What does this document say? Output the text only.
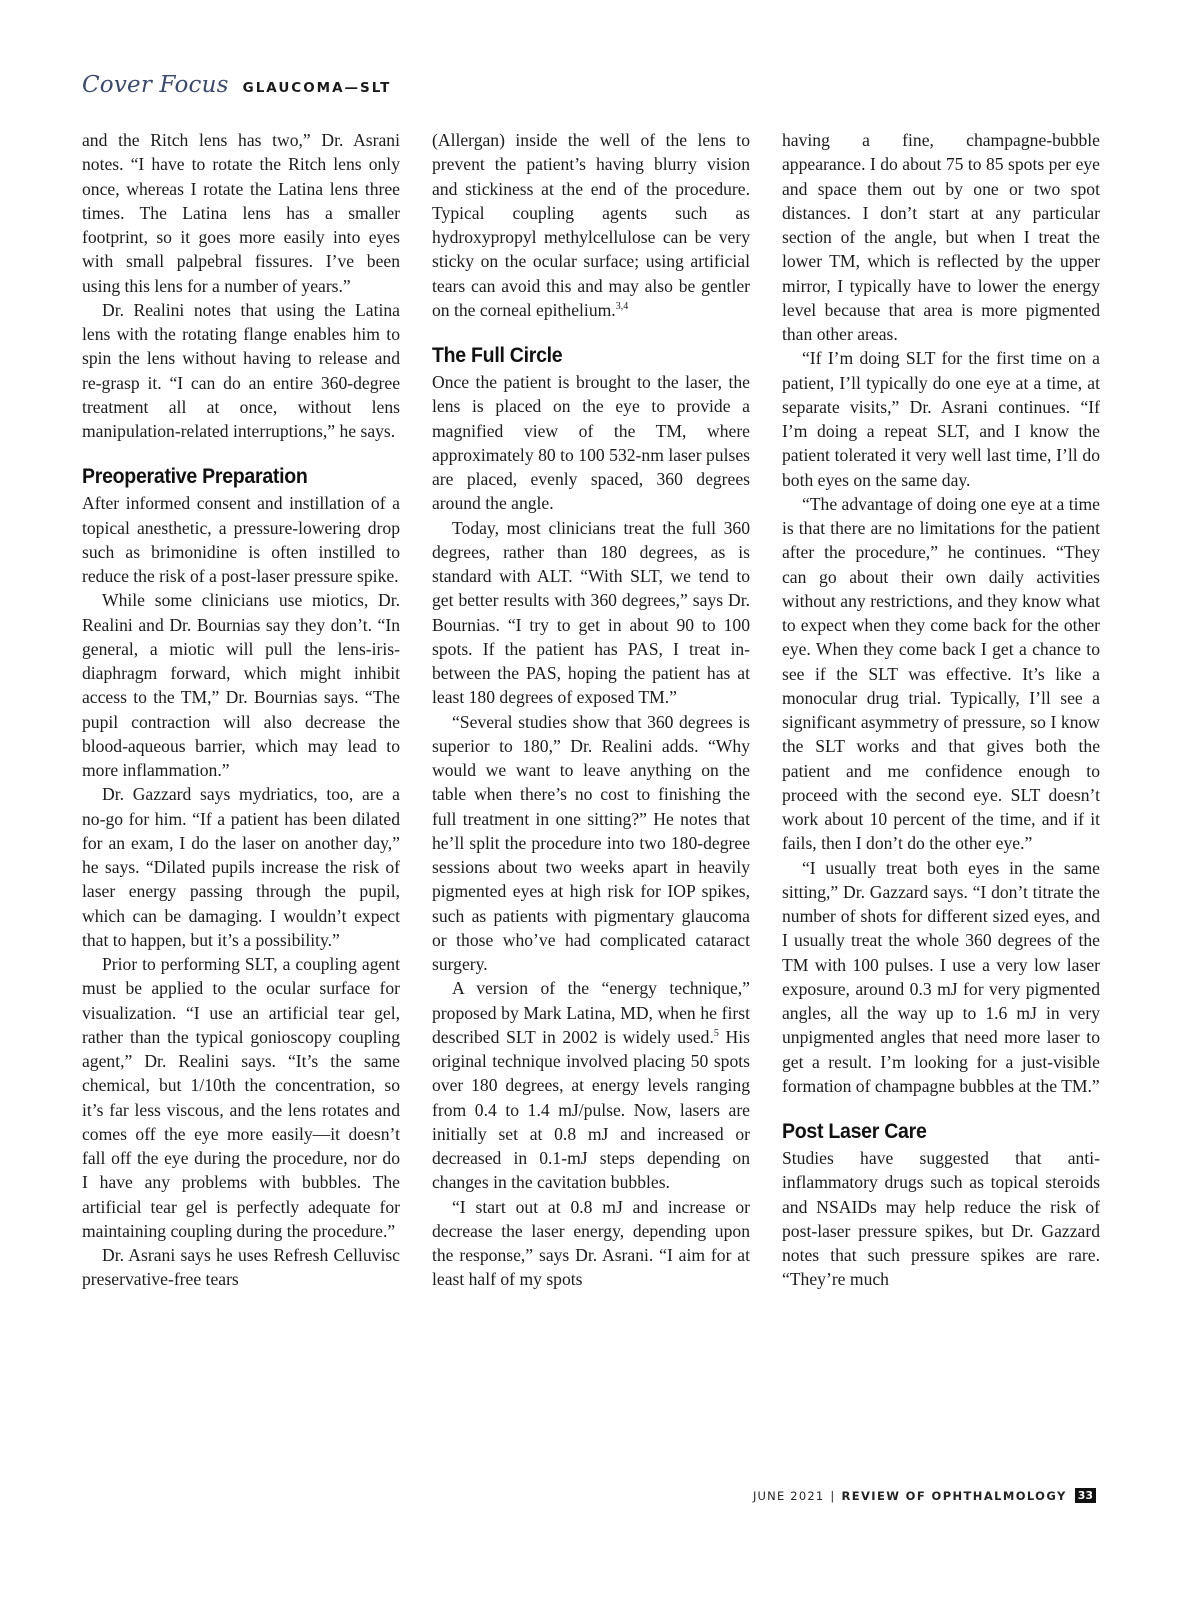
Cover Focus GLAUCOMA—SLT

and the Ritch lens has two,” Dr. Asrani notes. “I have to rotate the Ritch lens only once, whereas I rotate the Latina lens three times. The Latina lens has a smaller footprint, so it goes more easily into eyes with small palpebral fissures. I’ve been using this lens for a number of years.”

Dr. Realini notes that using the Latina lens with the rotating flange enables him to spin the lens without having to release and re-grasp it. “I can do an entire 360-degree treatment all at once, without lens manipulation-related interruptions,” he says.

Preoperative Preparation

After informed consent and instillation of a topical anesthetic, a pressure-lowering drop such as brimonidine is often instilled to reduce the risk of a post-laser pressure spike.

While some clinicians use miotics, Dr. Realini and Dr. Bournias say they don’t. “In general, a miotic will pull the lens-iris-diaphragm forward, which might inhibit access to the TM,” Dr. Bournias says. “The pupil contraction will also decrease the blood-aqueous barrier, which may lead to more inflammation.”

Dr. Gazzard says mydriatics, too, are a no-go for him. “If a patient has been dilated for an exam, I do the laser on another day,” he says. “Dilated pupils increase the risk of laser energy passing through the pupil, which can be damaging. I wouldn’t expect that to happen, but it’s a possibility.”

Prior to performing SLT, a coupling agent must be applied to the ocular surface for visualization. “I use an artificial tear gel, rather than the typical gonioscopy coupling agent,” Dr. Realini says. “It’s the same chemical, but 1/10th the concentration, so it’s far less viscous, and the lens rotates and comes off the eye more easily—it doesn’t fall off the eye during the procedure, nor do I have any problems with bubbles. The artificial tear gel is perfectly adequate for maintaining coupling during the procedure.”

Dr. Asrani says he uses Refresh Celluvisc preservative-free tears

(Allergan) inside the well of the lens to prevent the patient’s having blurry vision and stickiness at the end of the procedure. Typical coupling agents such as hydroxypropyl methylcellulose can be very sticky on the ocular surface; using artificial tears can avoid this and may also be gentler on the corneal epithelium.$^{3,4}$

The Full Circle

Once the patient is brought to the laser, the lens is placed on the eye to provide a magnified view of the TM, where approximately 80 to 100 532-nm laser pulses are placed, evenly spaced, 360 degrees around the angle.

Today, most clinicians treat the full 360 degrees, rather than 180 degrees, as is standard with ALT. “With SLT, we tend to get better results with 360 degrees,” says Dr. Bournias. “I try to get in about 90 to 100 spots. If the patient has PAS, I treat in-between the PAS, hoping the patient has at least 180 degrees of exposed TM.”

“Several studies show that 360 degrees is superior to 180,” Dr. Realini adds. “Why would we want to leave anything on the table when there’s no cost to finishing the full treatment in one sitting?” He notes that he’ll split the procedure into two 180-degree sessions about two weeks apart in heavily pigmented eyes at high risk for IOP spikes, such as patients with pigmentary glaucoma or those who’ve had complicated cataract surgery.

A version of the “energy technique,” proposed by Mark Latina, MD, when he first described SLT in 2002 is widely used.$^5$ His original technique involved placing 50 spots over 180 degrees, at energy levels ranging from 0.4 to 1.4 mJ/pulse. Now, lasers are initially set at 0.8 mJ and increased or decreased in 0.1-mJ steps depending on changes in the cavitation bubbles.

“I start out at 0.8 mJ and increase or decrease the laser energy, depending upon the response,” says Dr. Asrani. “I aim for at least half of my spots

having a fine, champagne-bubble appearance. I do about 75 to 85 spots per eye and space them out by one or two spot distances. I don’t start at any particular section of the angle, but when I treat the lower TM, which is reflected by the upper mirror, I typically have to lower the energy level because that area is more pigmented than other areas.

“If I’m doing SLT for the first time on a patient, I’ll typically do one eye at a time, at separate visits,” Dr. Asrani continues. “If I’m doing a repeat SLT, and I know the patient tolerated it very well last time, I’ll do both eyes on the same day.

“The advantage of doing one eye at a time is that there are no limitations for the patient after the procedure,” he continues. “They can go about their own daily activities without any restrictions, and they know what to expect when they come back for the other eye. When they come back I get a chance to see if the SLT was effective. It’s like a monocular drug trial. Typically, I’ll see a significant asymmetry of pressure, so I know the SLT works and that gives both the patient and me confidence enough to proceed with the second eye. SLT doesn’t work about 10 percent of the time, and if it fails, then I don’t do the other eye.”

“I usually treat both eyes in the same sitting,” Dr. Gazzard says. “I don’t titrate the number of shots for different sized eyes, and I usually treat the whole 360 degrees of the TM with 100 pulses. I use a very low laser exposure, around 0.3 mJ for very pigmented angles, all the way up to 1.6 mJ in very unpigmented angles that need more laser to get a result. I’m looking for a just-visible formation of champagne bubbles at the TM.”

Post Laser Care

Studies have suggested that anti-inflammatory drugs such as topical steroids and NSAIDs may help reduce the risk of post-laser pressure spikes, but Dr. Gazzard notes that such pressure spikes are rare. “They’re much

JUNE 2021 | REVIEW OF OPHTHALMOLOGY 33
